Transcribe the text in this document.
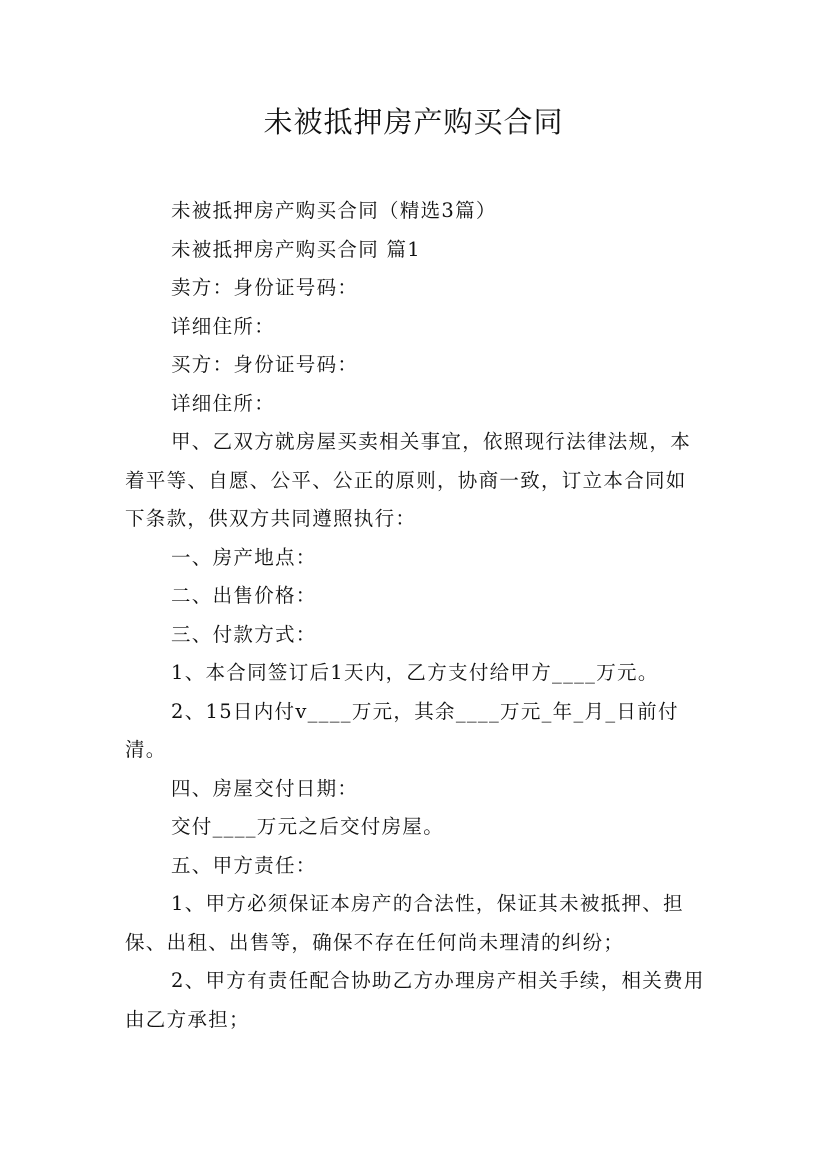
未被抵押房产购买合同

未被抵押房产购买合同（精选3篇）

未被抵押房产购买合同 篇1

卖方：身份证号码：

详细住所：

买方：身份证号码：

详细住所：

甲、乙双方就房屋买卖相关事宜，依照现行法律法规，本着平等、自愿、公平、公正的原则，协商一致，订立本合同如下条款，供双方共同遵照执行：

一、房产地点：

二、出售价格：

三、付款方式：

1、本合同签订后1天内，乙方支付给甲方____万元。

2、15日内付v____万元，其余____万元_年_月_日前付清。

四、房屋交付日期：

交付____万元之后交付房屋。

五、甲方责任：

1、甲方必须保证本房产的合法性，保证其未被抵押、担保、出租、出售等，确保不存在任何尚未理清的纠纷；

2、甲方有责任配合协助乙方办理房产相关手续，相关费用由乙方承担；
